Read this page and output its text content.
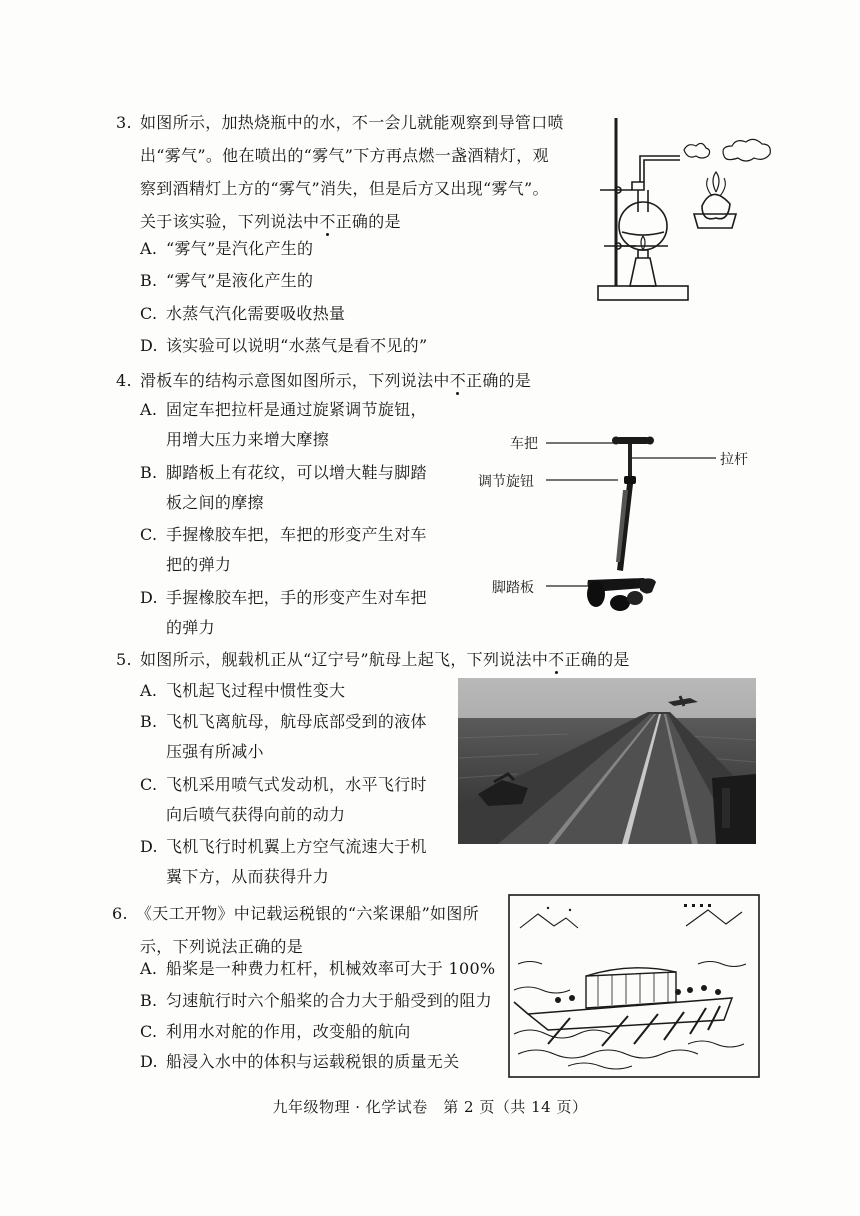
3. 如图所示，加热烧瓶中的水，不一会儿就能观察到导管口喷
出“雾气”。他在喷出的“雾气”下方再点燃一盏酒精灯，观
察到酒精灯上方的“雾气”消失，但是后方又出现“雾气”。
关于该实验，下列说法中不正确的是
A. “雾气”是汽化产生的
B. “雾气”是液化产生的
C. 水蒸气汽化需要吸收热量
D. 该实验可以说明“水蒸气是看不见的”
4. 滑板车的结构示意图如图所示，下列说法中不正确的是
A. 固定车把拉杆是通过旋紧调节旋钮，
用增大压力来增大摩擦
B. 脚踏板上有花纹，可以增大鞋与脚踏
板之间的摩擦
C. 手握橡胶车把，车把的形变产生对车
把的弹力
D. 手握橡胶车把，手的形变产生对车把
的弹力
车把
拉杆
调节旋钮
脚踏板
5. 如图所示，舰载机正从“辽宁号”航母上起飞，下列说法中不正确的是
A. 飞机起飞过程中惯性变大
B. 飞机飞离航母，航母底部受到的液体
压强有所减小
C. 飞机采用喷气式发动机，水平飞行时
向后喷气获得向前的动力
D. 飞机飞行时机翼上方空气流速大于机
翼下方，从而获得升力
6. 《天工开物》中记载运税银的“六桨课船”如图所
示，下列说法正确的是
A. 船桨是一种费力杠杆，机械效率可大于 100%
B. 匀速航行时六个船桨的合力大于船受到的阻力
C. 利用水对舵的作用，改变船的航向
D. 船浸入水中的体积与运载税银的质量无关
九年级物理 · 化学试卷　第 2 页（共 14 页）
